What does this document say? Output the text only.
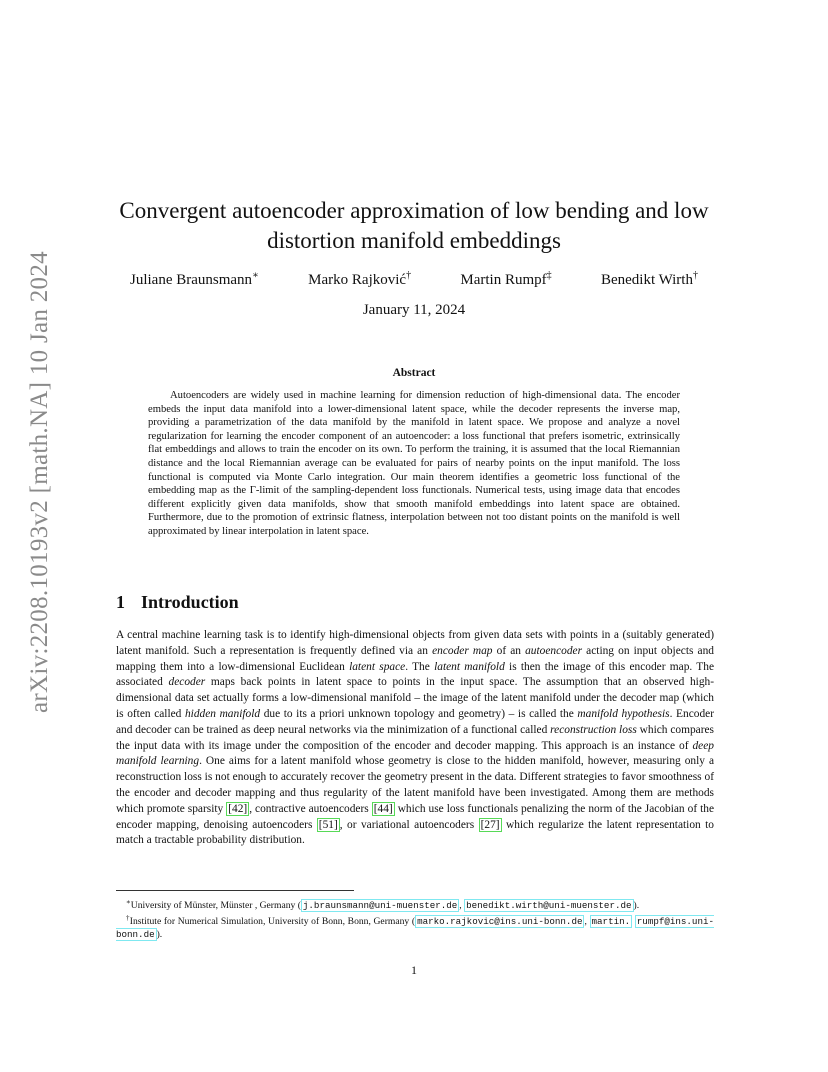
arXiv:2208.10193v2 [math.NA] 10 Jan 2024
Convergent autoencoder approximation of low bending and low distortion manifold embeddings
Juliane Braunsmann∗	Marko Rajković†	Martin Rumpf‡	Benedikt Wirth†
January 11, 2024
Abstract

Autoencoders are widely used in machine learning for dimension reduction of high-dimensional data. The encoder embeds the input data manifold into a lower-dimensional latent space, while the decoder represents the inverse map, providing a parametrization of the data manifold by the manifold in latent space. We propose and analyze a novel regularization for learning the encoder component of an autoencoder: a loss functional that prefers isometric, extrinsically flat embeddings and allows to train the encoder on its own. To perform the training, it is assumed that the local Riemannian distance and the local Riemannian average can be evaluated for pairs of nearby points on the input manifold. The loss functional is computed via Monte Carlo integration. Our main theorem identifies a geometric loss functional of the embedding map as the Γ-limit of the sampling-dependent loss functionals. Numerical tests, using image data that encodes different explicitly given data manifolds, show that smooth manifold embeddings into latent space are obtained. Furthermore, due to the promotion of extrinsic flatness, interpolation between not too distant points on the manifold is well approximated by linear interpolation in latent space.

1 Introduction

A central machine learning task is to identify high-dimensional objects from given data sets with points in a (suitably generated) latent manifold. Such a representation is frequently defined via an encoder map of an autoencoder acting on input objects and mapping them into a low-dimensional Euclidean latent space. The latent manifold is then the image of this encoder map. The associated decoder maps back points in latent space to points in the input space. The assumption that an observed high-dimensional data set actually forms a low-dimensional manifold – the image of the latent manifold under the decoder map (which is often called hidden manifold due to its a priori unknown topology and geometry) – is called the manifold hypothesis. Encoder and decoder can be trained as deep neural networks via the minimization of a functional called reconstruction loss which compares the input data with its image under the composition of the encoder and decoder mapping. This approach is an instance of deep manifold learning. One aims for a latent manifold whose geometry is close to the hidden manifold, however, measuring only a reconstruction loss is not enough to accurately recover the geometry present in the data. Different strategies to favor smoothness of the encoder and decoder mapping and thus regularity of the latent manifold have been investigated. Among them are methods which promote sparsity [42] , contractive autoencoders [44] which use loss functionals penalizing the norm of the Jacobian of the encoder mapping, denoising autoencoders [51] , or variational autoencoders [27] which regularize the latent representation to match a tractable probability distribution.

∗University of Münster, Münster , Germany ( j.braunsmann@uni-muenster.de , benedikt.wirth@uni-muenster.de ).

†Institute for Numerical Simulation, University of Bonn, Bonn, Germany ( marko.rajkovic@ins.uni-bonn.de , martin. rumpf@ins.uni-bonn.de ).

1
